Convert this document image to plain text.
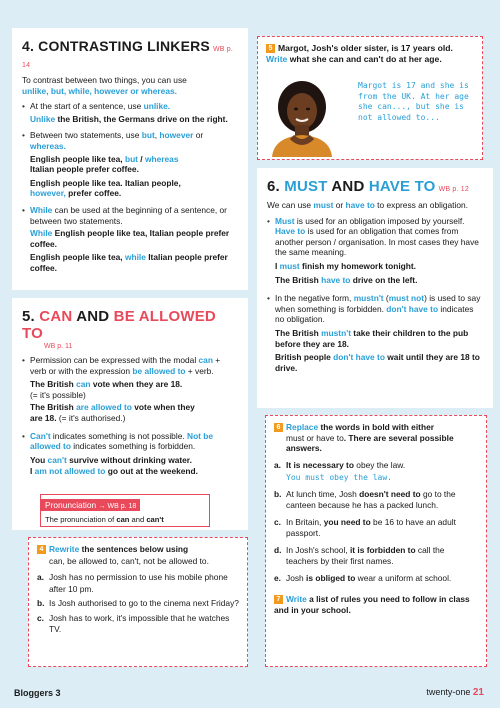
4. CONTRASTING LINKERS WB p. 14
To contrast between two things, you can use
unlike, but, while, however or whereas.
• At the start of a sentence, use unlike.
Unlike the British, the Germans drive on the right.
• Between two statements, use but, however or whereas.
English people like tea, but / whereas
Italian people prefer coffee.
English people like tea. Italian people,
however, prefer coffee.
• While can be used at the beginning of a sentence, or between two statements.
While English people like tea, Italian people prefer coffee.
English people like tea, while Italian people prefer coffee.
5 Margot, Josh's older sister, is 17 years old. Write what she can and can't do at her age.
Margot is 17 and she is
from the UK. At her age
she can..., but she is
not allowed to...
5. CAN AND BE ALLOWED TO
WB p. 11
• Permission can be expressed with the modal can + verb or with the expression be allowed to + verb.
The British can vote when they are 18.
(= it's possible)
The British are allowed to vote when they
are 18. (= it's authorised.)
• Can't indicates something is not possible. Not be allowed to indicates something is forbidden.
You can't survive without drinking water.
I am not allowed to go out at the weekend.
Pronunciation → WB p. 18
The pronunciation of can and can't
4 Rewrite the sentences below using
can, be allowed to, can't, not be allowed to.
a. Josh has no permission to use his mobile phone after 10 pm.
b. Is Josh authorised to go to the cinema next Friday?
c. Josh has to work, it's impossible that he watches TV.
6. MUST AND HAVE TO WB p. 12
We can use must or have to to express an obligation.
• Must is used for an obligation imposed by yourself. Have to is used for an obligation that comes from another person / organisation. In most cases they have the same meaning.
I must finish my homework tonight.
The British have to drive on the left.
• In the negative form, mustn't (must not) is used to say when something is forbidden. don't have to indicates no obligation.
The British mustn't take their children to the pub before they are 18.
British people don't have to wait until they are 18 to drive.
6 Replace the words in bold with either
must or have to. There are several possible answers.
a. It is necessary to obey the law.
You must obey the law.
b. At lunch time, Josh doesn't need to go to the canteen because he has a packed lunch.
c. In Britain, you need to be 16 to have an adult passport.
d. In Josh's school, it is forbidden to call the teachers by their first names.
e. Josh is obliged to wear a uniform at school.
7 Write a list of rules you need to follow in class and in your school.
Bloggers 3	twenty-one 21
